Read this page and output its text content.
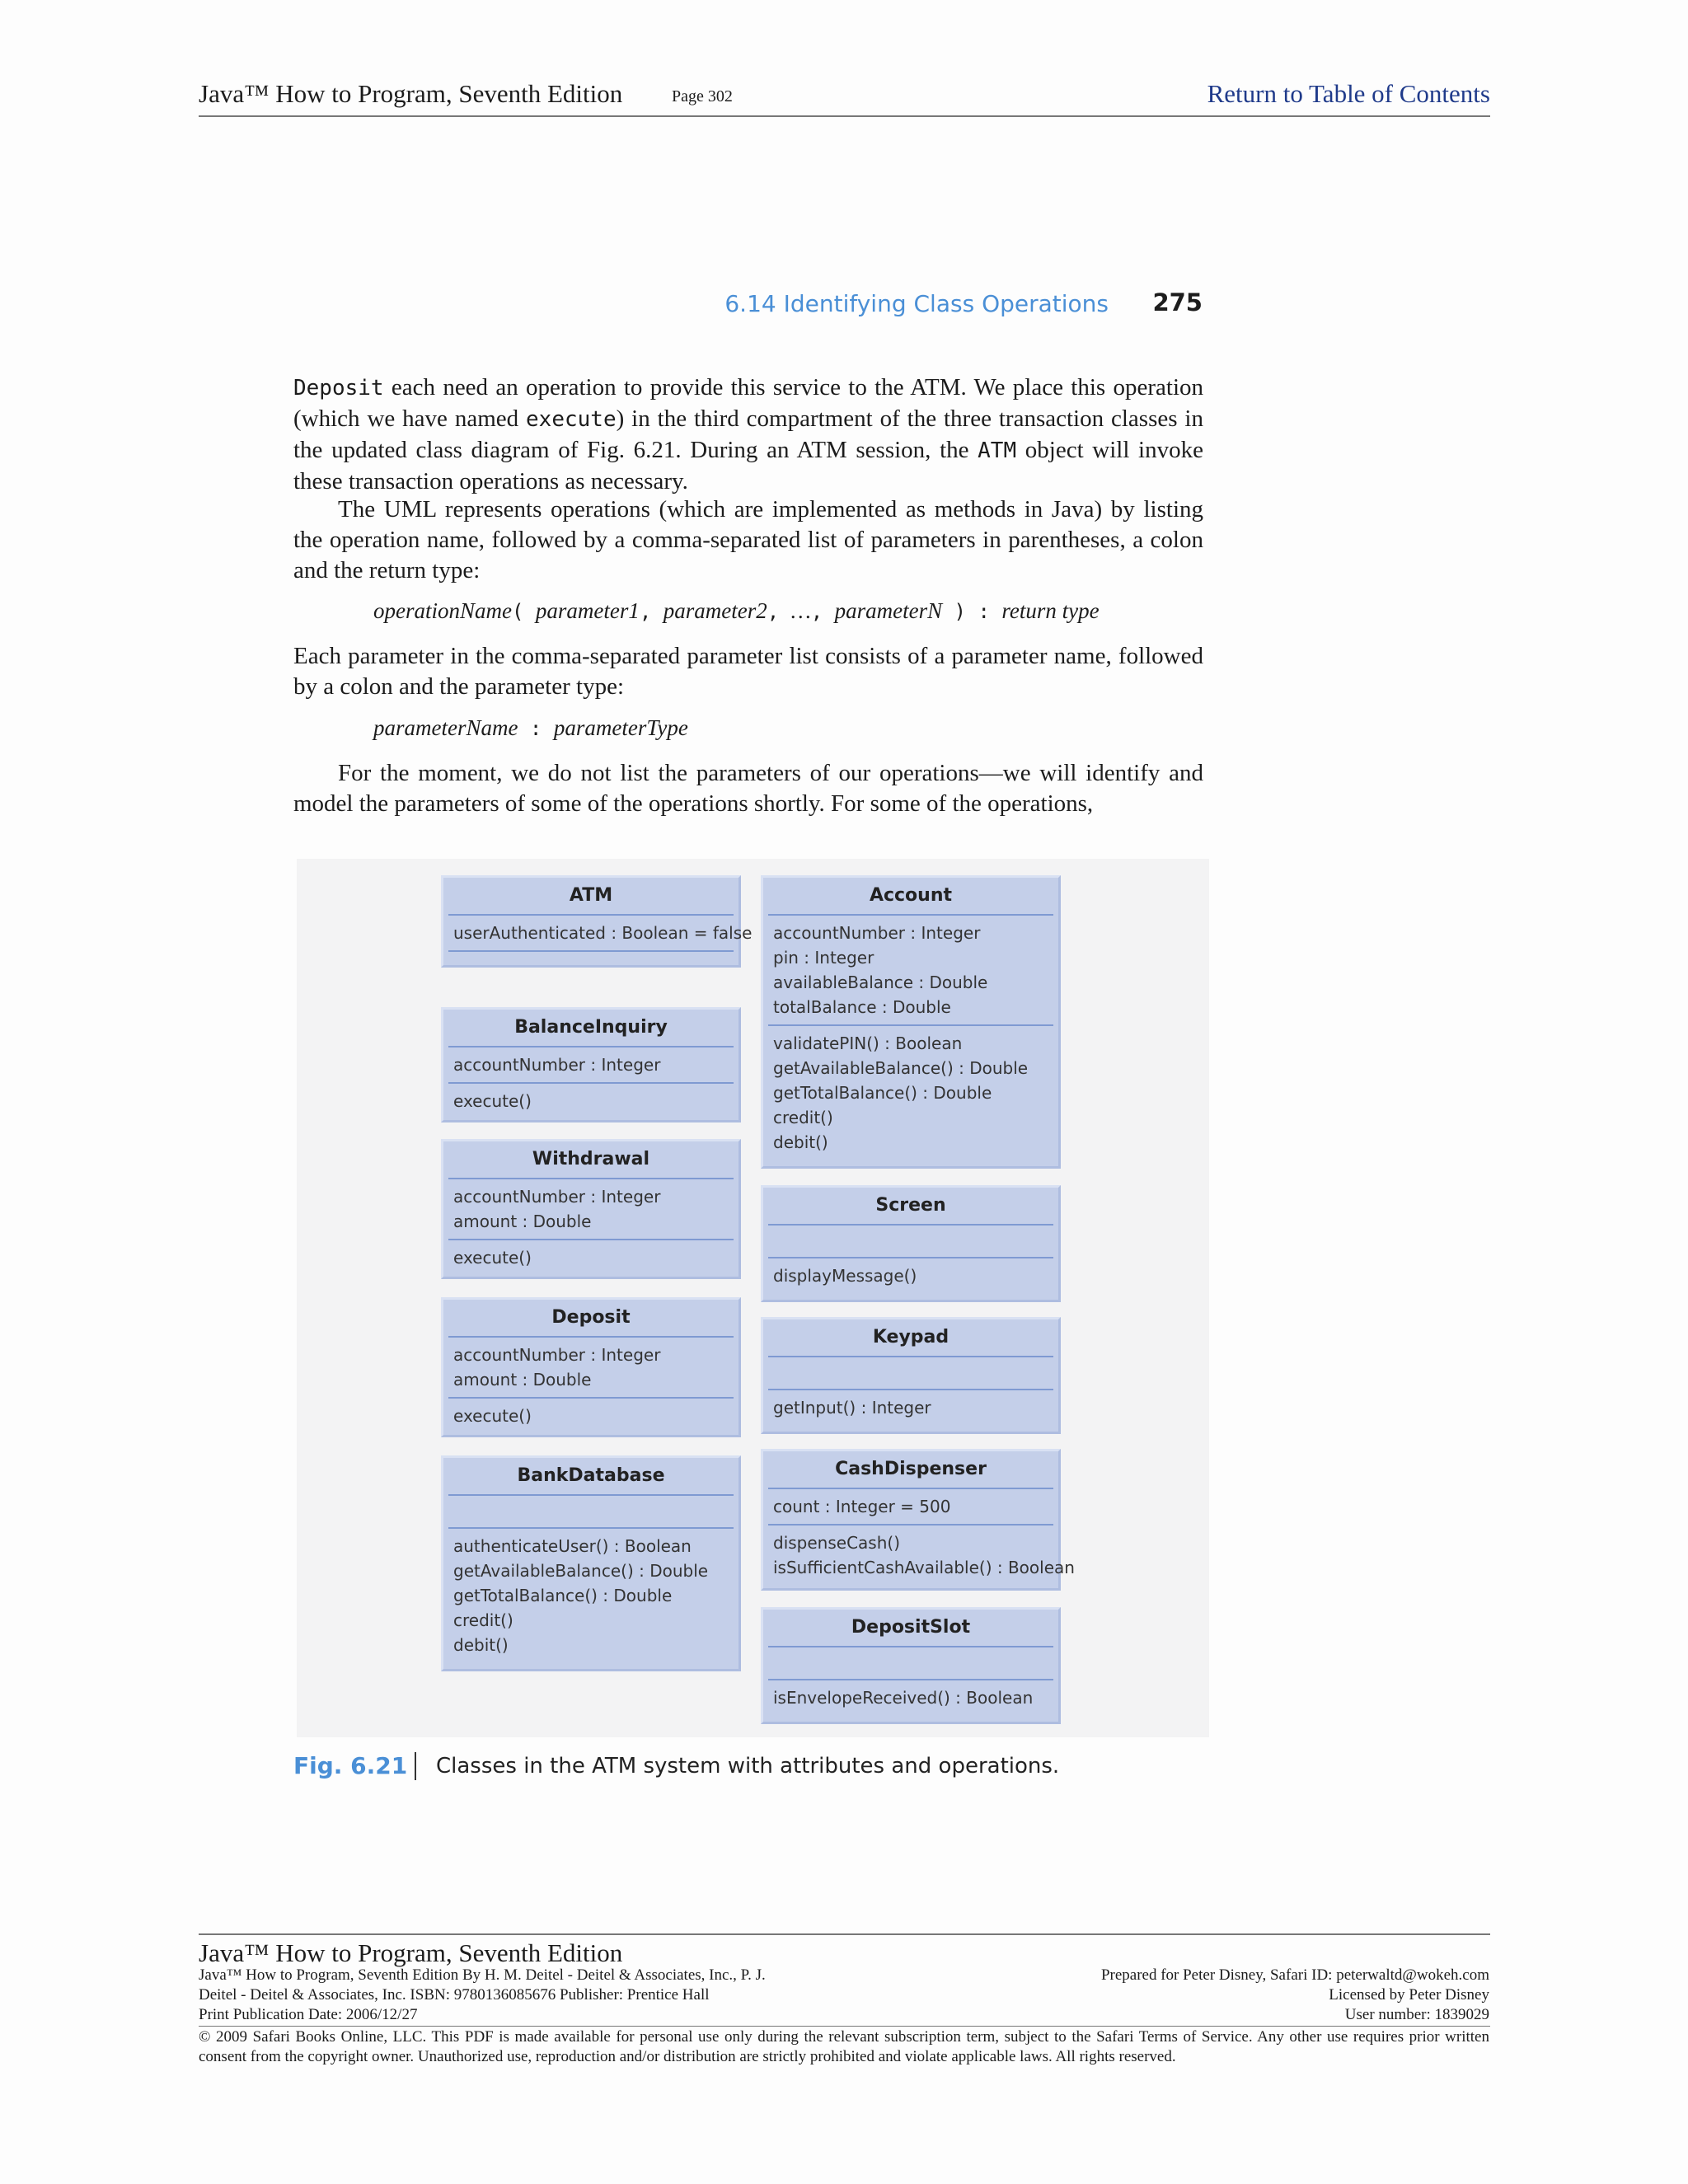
Java™ How to Program, Seventh Edition	Page 302	Return to Table of Contents
6.14 Identifying Class Operations 275

Deposit each need an operation to provide this service to the ATM. We place this operation (which we have named execute) in the third compartment of the three transaction classes in the updated class diagram of Fig. 6.21. During an ATM session, the ATM object will invoke these transaction operations as necessary.

The UML represents operations (which are implemented as methods in Java) by listing the operation name, followed by a comma-separated list of parameters in parentheses, a colon and the return type:

operationName( parameter1, parameter2, …, parameterN ) : return type

Each parameter in the comma-separated parameter list consists of a parameter name, followed by a colon and the parameter type:

parameterName : parameterType

For the moment, we do not list the parameters of our operations—we will identify and model the parameters of some of the operations shortly. For some of the operations,

ATM
userAuthenticated : Boolean = false
BalanceInquiry
accountNumber : Integer
execute()
Withdrawal
accountNumber : Integer
amount : Double
execute()
Deposit
accountNumber : Integer
amount : Double
execute()
BankDatabase
authenticateUser() : Boolean
getAvailableBalance() : Double
getTotalBalance() : Double
credit()
debit()
Account
accountNumber : Integer
pin : Integer
availableBalance : Double
totalBalance : Double
validatePIN() : Boolean
getAvailableBalance() : Double
getTotalBalance() : Double
credit()
debit()
Screen
displayMessage()
Keypad
getInput() : Integer
CashDispenser
count : Integer = 500
dispenseCash()
isSufficientCashAvailable() : Boolean
DepositSlot
isEnvelopeReceived() : Boolean
Fig. 6.21 Classes in the ATM system with attributes and operations.
Java™ How to Program, Seventh Edition
Java™ How to Program, Seventh Edition By H. M. Deitel - Deitel & Associates, Inc., P. J.
Deitel - Deitel & Associates, Inc. ISBN: 9780136085676 Publisher: Prentice Hall
Print Publication Date: 2006/12/27
Prepared for Peter Disney, Safari ID: peterwaltd@wokeh.com
Licensed by Peter Disney
User number: 1839029
© 2009 Safari Books Online, LLC. This PDF is made available for personal use only during the relevant subscription term, subject to the Safari Terms of Service. Any other use requires prior written consent from the copyright owner. Unauthorized use, reproduction and/or distribution are strictly prohibited and violate applicable laws. All rights reserved.
